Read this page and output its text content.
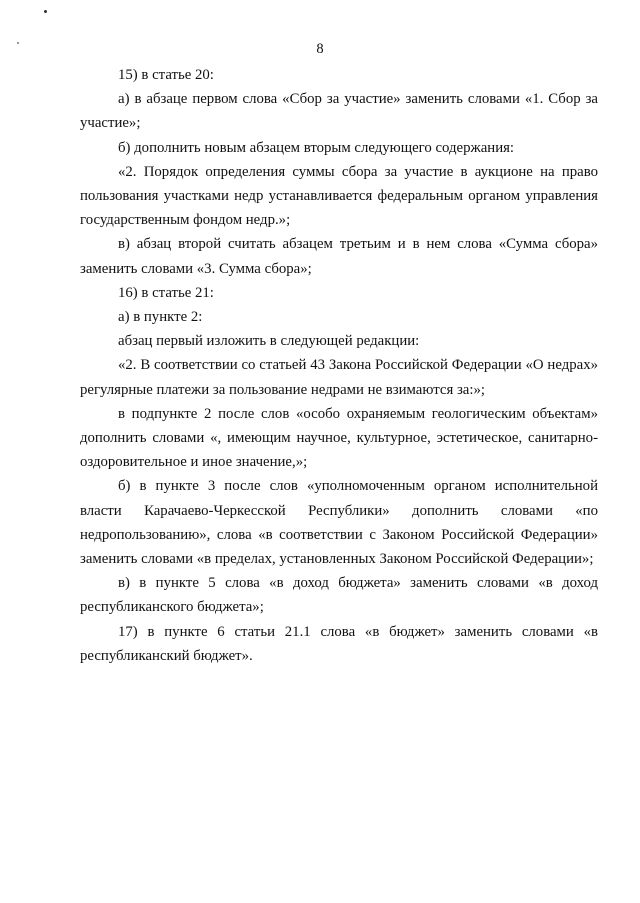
8

15) в статье 20:

а) в абзаце первом слова «Сбор за участие» заменить словами «1. Сбор за участие»;

б) дополнить новым абзацем вторым следующего содержания:

«2. Порядок определения суммы сбора за участие в аукционе на право пользования участками недр устанавливается федеральным органом управления государственным фондом недр.»;

в) абзац второй считать абзацем третьим и в нем слова «Сумма сбора» заменить словами «3. Сумма сбора»;

16) в статье 21:

а) в пункте 2:

абзац первый изложить в следующей редакции:

«2. В соответствии со статьей 43 Закона Российской Федерации «О недрах» регулярные платежи за пользование недрами не взимаются за:»;

в подпункте 2 после слов «особо охраняемым геологическим объектам» дополнить словами «, имеющим научное, культурное, эстетическое, санитарно-оздоровительное и иное значение,»;

б) в пункте 3 после слов «уполномоченным органом исполнительной власти Карачаево-Черкесской Республики» дополнить словами «по недропользованию», слова «в соответствии с Законом Российской Федерации» заменить словами «в пределах, установленных Законом Российской Федерации»;

в) в пункте 5 слова «в доход бюджета» заменить словами «в доход республиканского бюджета»;

17) в пункте 6 статьи 21.1 слова «в бюджет» заменить словами «в республиканский бюджет».
